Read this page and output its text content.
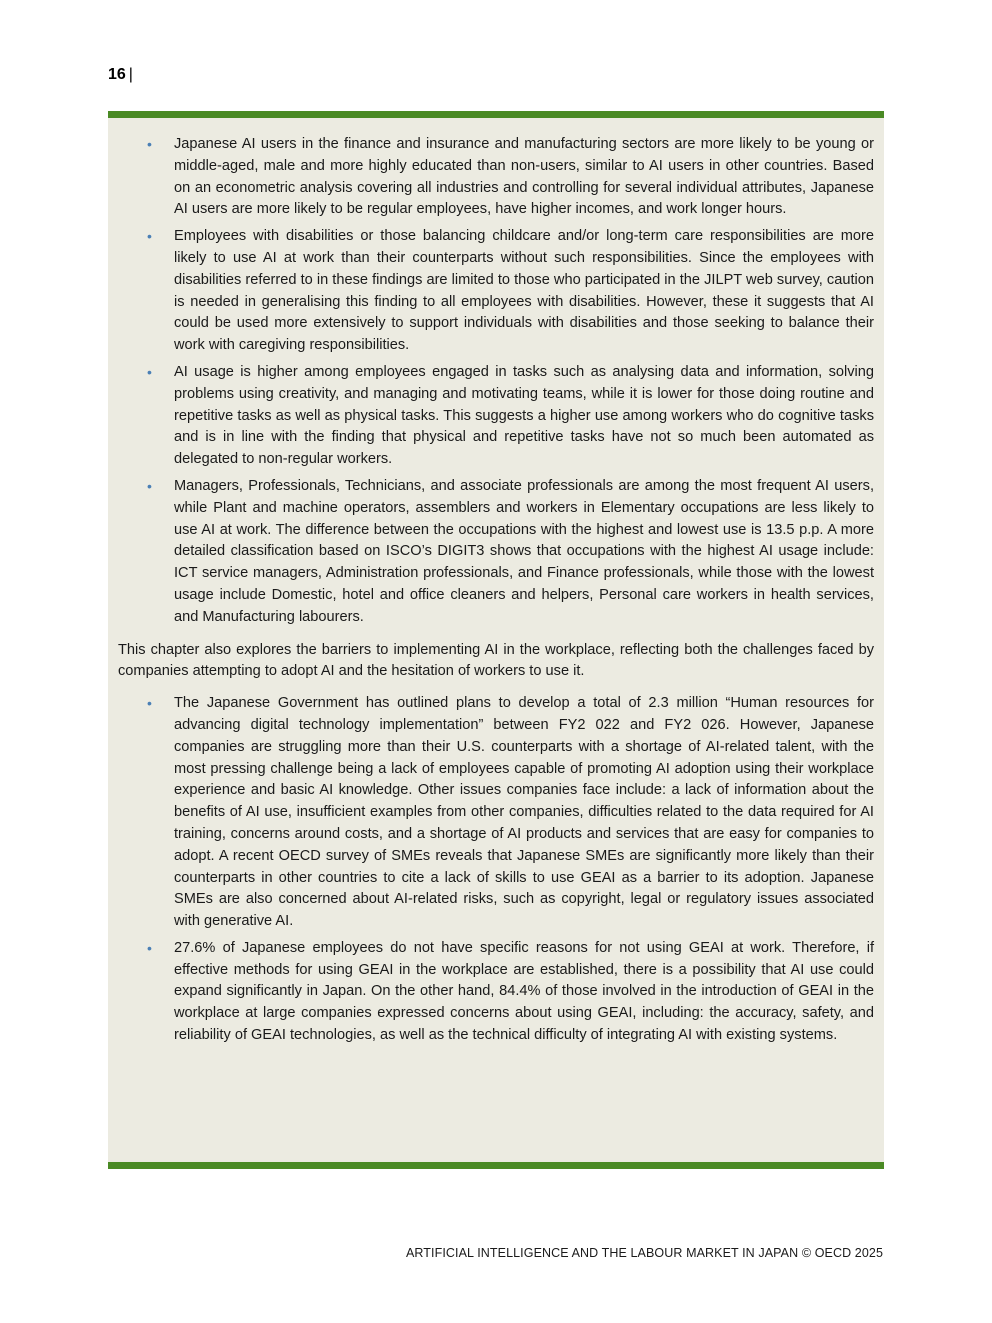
16 |
• Japanese AI users in the finance and insurance and manufacturing sectors are more likely to be young or middle-aged, male and more highly educated than non-users, similar to AI users in other countries. Based on an econometric analysis covering all industries and controlling for several individual attributes, Japanese AI users are more likely to be regular employees, have higher incomes, and work longer hours.
• Employees with disabilities or those balancing childcare and/or long-term care responsibilities are more likely to use AI at work than their counterparts without such responsibilities. Since the employees with disabilities referred to in these findings are limited to those who participated in the JILPT web survey, caution is needed in generalising this finding to all employees with disabilities. However, these it suggests that AI could be used more extensively to support individuals with disabilities and those seeking to balance their work with caregiving responsibilities.
• AI usage is higher among employees engaged in tasks such as analysing data and information, solving problems using creativity, and managing and motivating teams, while it is lower for those doing routine and repetitive tasks as well as physical tasks. This suggests a higher use among workers who do cognitive tasks and is in line with the finding that physical and repetitive tasks have not so much been automated as delegated to non-regular workers.
• Managers, Professionals, Technicians, and associate professionals are among the most frequent AI users, while Plant and machine operators, assemblers and workers in Elementary occupations are less likely to use AI at work. The difference between the occupations with the highest and lowest use is 13.5 p.p. A more detailed classification based on ISCO’s DIGIT3 shows that occupations with the highest AI usage include: ICT service managers, Administration professionals, and Finance professionals, while those with the lowest usage include Domestic, hotel and office cleaners and helpers, Personal care workers in health services, and Manufacturing labourers.

This chapter also explores the barriers to implementing AI in the workplace, reflecting both the challenges faced by companies attempting to adopt AI and the hesitation of workers to use it.

• The Japanese Government has outlined plans to develop a total of 2.3 million “Human resources for advancing digital technology implementation” between FY2 022 and FY2 026. However, Japanese companies are struggling more than their U.S. counterparts with a shortage of AI-related talent, with the most pressing challenge being a lack of employees capable of promoting AI adoption using their workplace experience and basic AI knowledge. Other issues companies face include: a lack of information about the benefits of AI use, insufficient examples from other companies, difficulties related to the data required for AI training, concerns around costs, and a shortage of AI products and services that are easy for companies to adopt. A recent OECD survey of SMEs reveals that Japanese SMEs are significantly more likely than their counterparts in other countries to cite a lack of skills to use GEAI as a barrier to its adoption. Japanese SMEs are also concerned about AI-related risks, such as copyright, legal or regulatory issues associated with generative AI.
• 27.6% of Japanese employees do not have specific reasons for not using GEAI at work. Therefore, if effective methods for using GEAI in the workplace are established, there is a possibility that AI use could expand significantly in Japan. On the other hand, 84.4% of those involved in the introduction of GEAI in the workplace at large companies expressed concerns about using GEAI, including: the accuracy, safety, and reliability of GEAI technologies, as well as the technical difficulty of integrating AI with existing systems.
ARTIFICIAL INTELLIGENCE AND THE LABOUR MARKET IN JAPAN © OECD 2025
